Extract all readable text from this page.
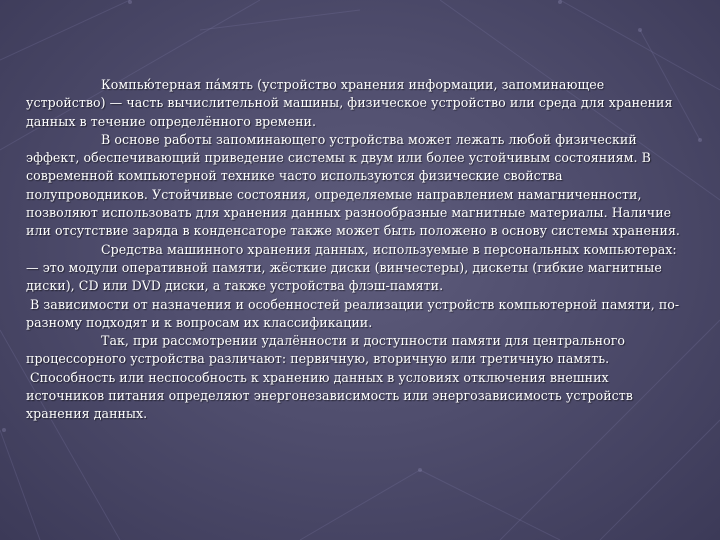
Компью́терная па́мять (устройство хранения информации, запоминающее устройство) — часть вычислительной машины, физическое устройство или среда для хранения данных в течение определённого времени.

В основе работы запоминающего устройства может лежать любой физический эффект, обеспечивающий приведение системы к двум или более устойчивым состояниям. В современной компьютерной технике часто используются физические свойства полупроводников. Устойчивые состояния, определяемые направлением намагниченности, позволяют использовать для хранения данных разнообразные магнитные материалы. Наличие или отсутствие заряда в конденсаторе также может быть положено в основу системы хранения.

Средства машинного хранения данных, используемые в персональных компьютерах: — это модули оперативной памяти, жёсткие диски (винчестеры), дискеты (гибкие магнитные диски), CD или DVD диски, а также устройства флэш-памяти.

В зависимости от назначения и особенностей реализации устройств компьютерной памяти, по-разному подходят и к вопросам их классификации.

Так, при рассмотрении удалённости и доступности памяти для центрального процессорного устройства различают: первичную, вторичную или третичную память.

Способность или неспособность к хранению данных в условиях отключения внешних источников питания определяют энергонезависимость или энергозависимость устройств хранения данных.
